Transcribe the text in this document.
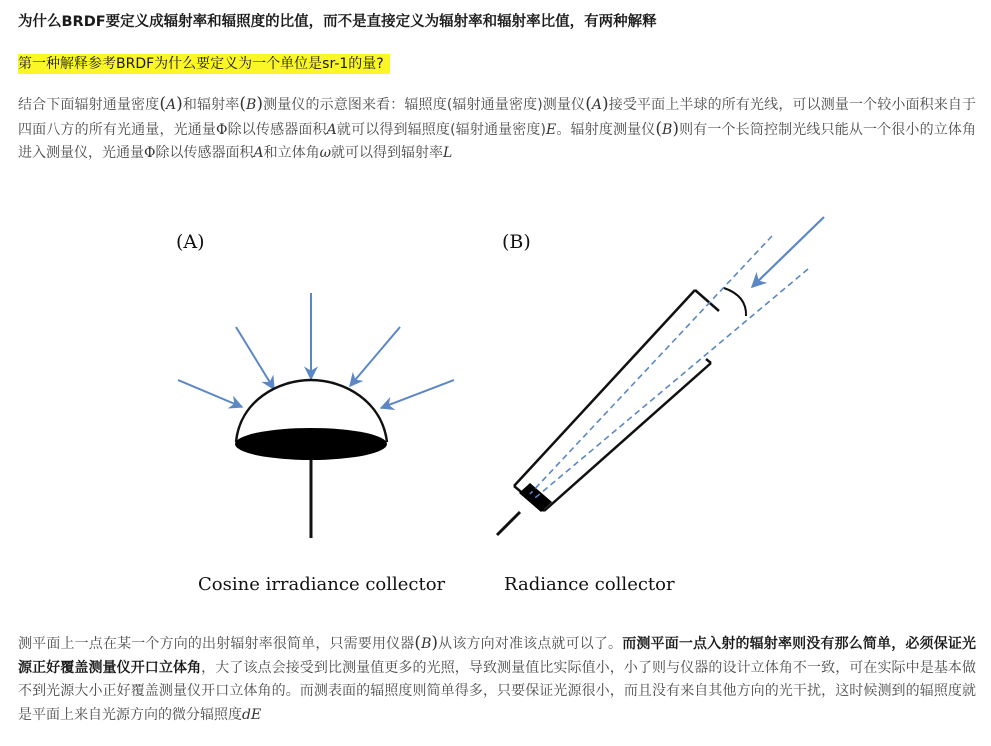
为什么BRDF要定义成辐射率和辐照度的比值，而不是直接定义为辐射率和辐射率比值，有两种解释
第一种解释参考BRDF为什么要定义为一个单位是sr-1的量?
结合下面辐射通量密度(A)和辐射率(B)测量仪的示意图来看：辐照度(辐射通量密度)测量仪(A)接受平面上半球的所有光线，可以测量一个较小面积来自于四面八方的所有光通量，光通量Φ除以传感器面积A就可以得到辐照度(辐射通量密度)E。辐射度测量仪(B)则有一个长筒控制光线只能从一个很小的立体角进入测量仪，光通量Φ除以传感器面积A和立体角ω就可以得到辐射率L
(A)
Cosine irradiance collector
(B)
Radiance collector
测平面上一点在某一个方向的出射辐射率很简单，只需要用仪器(B)从该方向对准该点就可以了。而测平面一点入射的辐射率则没有那么简单，必须保证光源正好覆盖测量仪开口立体角，大了该点会接受到比测量值更多的光照，导致测量值比实际值小，小了则与仪器的设计立体角不一致，可在实际中是基本做不到光源大小正好覆盖测量仪开口立体角的。而测表面的辐照度则简单得多，只要保证光源很小，而且没有来自其他方向的光干扰，这时候测到的辐照度就是平面上来自光源方向的微分辐照度dE
